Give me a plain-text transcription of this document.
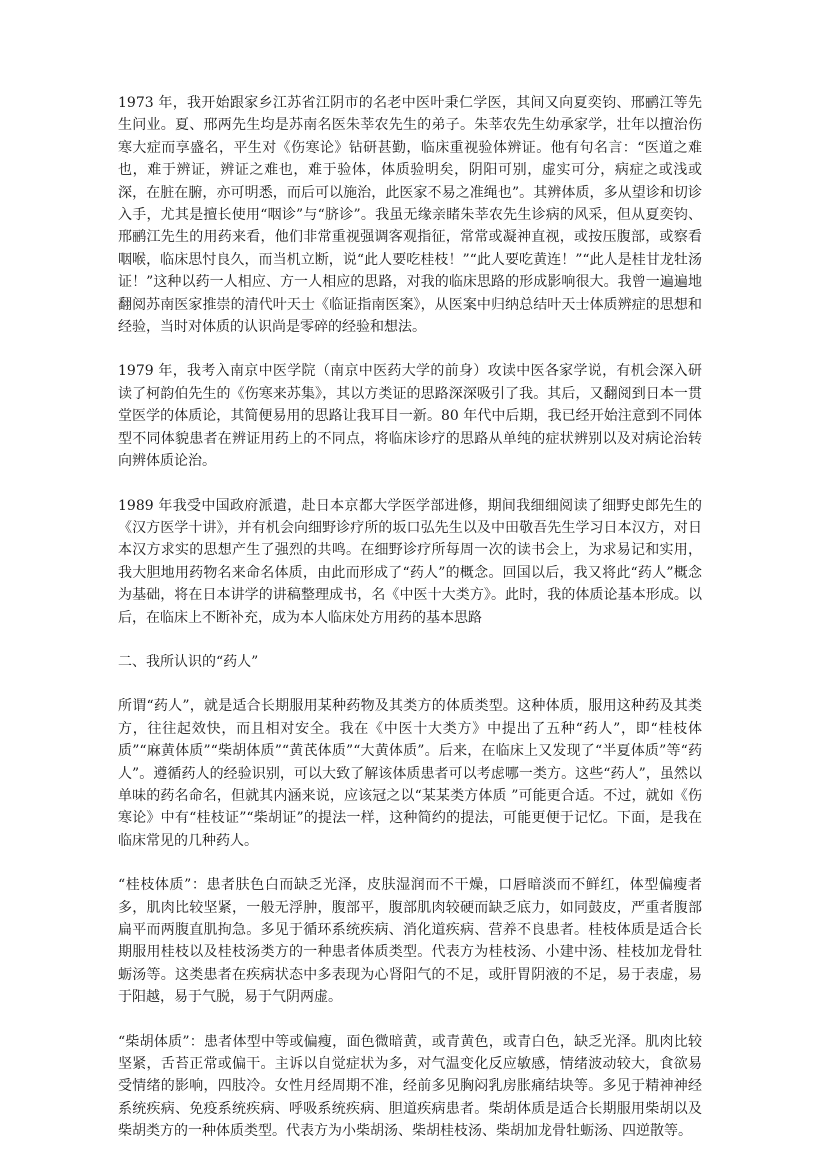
1973 年，我开始跟家乡江苏省江阴市的名老中医叶秉仁学医，其间又向夏奕钧、邢鹂江等先生问业。夏、邢两先生均是苏南名医朱莘农先生的弟子。朱莘农先生幼承家学，壮年以擅治伤寒大症而享盛名，平生对《伤寒论》钻研甚勤，临床重视验体辨证。他有句名言：“医道之难也，难于辨证，辨证之难也，难于验体，体质验明矣，阴阳可别，虚实可分，病症之或浅或深，在脏在腑，亦可明悉，而后可以施治，此医家不易之准绳也”。其辨体质，多从望诊和切诊入手，尤其是擅长使用“咽诊”与“脐诊”。我虽无缘亲睹朱莘农先生诊病的风采，但从夏奕钧、邢鹂江先生的用药来看，他们非常重视强调客观指征，常常或凝神直视，或按压腹部，或察看咽喉，临床思忖良久，而当机立断，说“此人要吃桂枝！”“此人要吃黄连！”“此人是桂甘龙牡汤证！”这种以药一人相应、方一人相应的思路，对我的临床思路的形成影响很大。我曾一遍遍地翻阅苏南医家推崇的清代叶天士《临证指南医案》，从医案中归纳总结叶天士体质辨症的思想和经验，当时对体质的认识尚是零碎的经验和想法。

1979 年，我考入南京中医学院（南京中医药大学的前身）攻读中医各家学说，有机会深入研读了柯韵伯先生的《伤寒来苏集》，其以方类证的思路深深吸引了我。其后，又翻阅到日本一贯堂医学的体质论，其简便易用的思路让我耳目一新。80 年代中后期，我已经开始注意到不同体型不同体貌患者在辨证用药上的不同点，将临床诊疗的思路从单纯的症状辨别以及对病论治转向辨体质论治。

1989 年我受中国政府派遣，赴日本京都大学医学部进修，期间我细细阅读了细野史郎先生的《汉方医学十讲》，并有机会向细野诊疗所的坂口弘先生以及中田敬吾先生学习日本汉方，对日本汉方求实的思想产生了强烈的共鸣。在细野诊疗所每周一次的读书会上，为求易记和实用，我大胆地用药物名来命名体质，由此而形成了“药人”的概念。回国以后，我又将此“药人”概念为基础，将在日本讲学的讲稿整理成书，名《中医十大类方》。此时，我的体质论基本形成。以后，在临床上不断补充，成为本人临床处方用药的基本思路

二、我所认识的“药人”

所谓“药人”，就是适合长期服用某种药物及其类方的体质类型。这种体质，服用这种药及其类方，往往起效快，而且相对安全。我在《中医十大类方》中提出了五种“药人”，即“桂枝体质”“麻黄体质”“柴胡体质”“黄芪体质”“大黄体质”。后来，在临床上又发现了“半夏体质”等“药人”。遵循药人的经验识别，可以大致了解该体质患者可以考虑哪一类方。这些“药人”，虽然以单味的药名命名，但就其内涵来说，应该冠之以“某某类方体质 ”可能更合适。不过，就如《伤寒论》中有“桂枝证”“柴胡证”的提法一样，这种简约的提法，可能更便于记忆。下面，是我在临床常见的几种药人。

“桂枝体质”：患者肤色白而缺乏光泽，皮肤湿润而不干燥，口唇暗淡而不鲜红，体型偏瘦者多，肌肉比较坚紧，一般无浮肿，腹部平，腹部肌肉较硬而缺乏底力，如同鼓皮，严重者腹部扁平而两腹直肌拘急。多见于循环系统疾病、消化道疾病、营养不良患者。桂枝体质是适合长期服用桂枝以及桂枝汤类方的一种患者体质类型。代表方为桂枝汤、小建中汤、桂枝加龙骨牡蛎汤等。这类患者在疾病状态中多表现为心肾阳气的不足，或肝胃阴液的不足，易于表虚，易于阳越，易于气脱，易于气阴两虚。

“柴胡体质”：患者体型中等或偏瘦，面色微暗黄，或青黄色，或青白色，缺乏光泽。肌肉比较坚紧，舌苔正常或偏干。主诉以自觉症状为多，对气温变化反应敏感，情绪波动较大，食欲易受情绪的影响，四肢冷。女性月经周期不准，经前多见胸闷乳房胀痛结块等。多见于精神神经系统疾病、免疫系统疾病、呼吸系统疾病、胆道疾病患者。柴胡体质是适合长期服用柴胡以及柴胡类方的一种体质类型。代表方为小柴胡汤、柴胡桂枝汤、柴胡加龙骨牡蛎汤、四逆散等。
